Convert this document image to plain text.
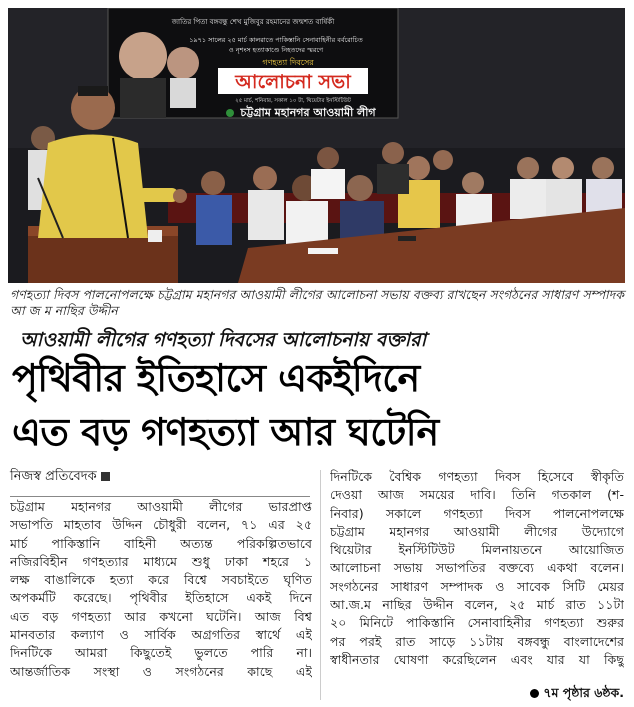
জাতির পিতা বঙ্গবন্ধু শেখ মুজিবুর রহমানের জন্মশত বার্ষিকী
১৯৭১ সালের ২৫ মার্চ কালরাতে পাকিস্তানি সেনাবাহিনীর বর্বরোচিত
ও নৃশংস হত্যাকাণ্ডে নিহতদের স্মরণে
গণহত্যা দিবসের
আলোচনা সভা
২৫ মার্চ, শনিবার, সকাল ১০ টা, থিয়েটার ইনস্টিটিউট
চট্টগ্রাম মহানগর আওয়ামী লীগ
গণহত্যা দিবস পালনোপলক্ষে চট্টগ্রাম মহানগর আওয়ামী লীগের আলোচনা সভায় বক্তব্য রাখছেন সংগঠনের সাধারণ সম্পাদক আ জ ম নাছির উদ্দীন
আওয়ামী লীগের গণহত্যা দিবসের আলোচনায় বক্তারা
পৃথিবীর ইতিহাসে একইদিনে
এত বড় গণহত্যা আর ঘটেনি
নিজস্ব প্রতিবেদক
চট্টগ্রাম মহানগর আওয়ামী লীগের ভারপ্রাপ্ত
সভাপতি মাহতাব উদ্দিন চৌধুরী বলেন, ৭১ এর ২৫
মার্চ পাকিস্তানি বাহিনী অত্যন্ত পরিকল্পিতভাবে
নজিরবিহীন গণহত্যার মাধ্যমে শুধু ঢাকা শহরে ১
লক্ষ বাঙালিকে হত্যা করে বিশ্বে সবচাইতে ঘৃণিত
অপকর্মটি করেছে। পৃথিবীর ইতিহাসে একই দিনে
এত বড় গণহত্যা আর কখনো ঘটেনি। আজ বিশ্ব
মানবতার কল্যাণ ও সার্বিক অগ্রগতির স্বার্থে এই
দিনটিকে আমরা কিছুতেই ভুলতে পারি না।
আন্তর্জাতিক সংস্থা ও সংগঠনের কাছে এই
দিনটিকে বৈশ্বিক গণহত্যা দিবস হিসেবে স্বীকৃতি
দেওয়া আজ সময়ের দাবি। তিনি গতকাল (শ-
নিবার) সকালে গণহত্যা দিবস পালনোপলক্ষে
চট্টগ্রাম মহানগর আওয়ামী লীগের উদ্যোগে
থিয়েটার ইনস্টিটিউট মিলনায়তনে আয়োজিত
আলোচনা সভায় সভাপতির বক্তব্যে একথা বলেন।
সংগঠনের সাধারণ সম্পাদক ও সাবেক সিটি মেয়র
আ.জ.ম নাছির উদ্দীন বলেন, ২৫ মার্চ রাত ১১টা
২০ মিনিটে পাকিস্তানি সেনাবাহিনীর গণহত্যা শুরুর
পর পরই রাত সাড়ে ১১টায় বঙ্গবন্ধু বাংলাদেশের
স্বাধীনতার ঘোষণা করেছিলেন এবং যার যা কিছু
৭ম পৃষ্ঠার ৬ষ্ঠক.
